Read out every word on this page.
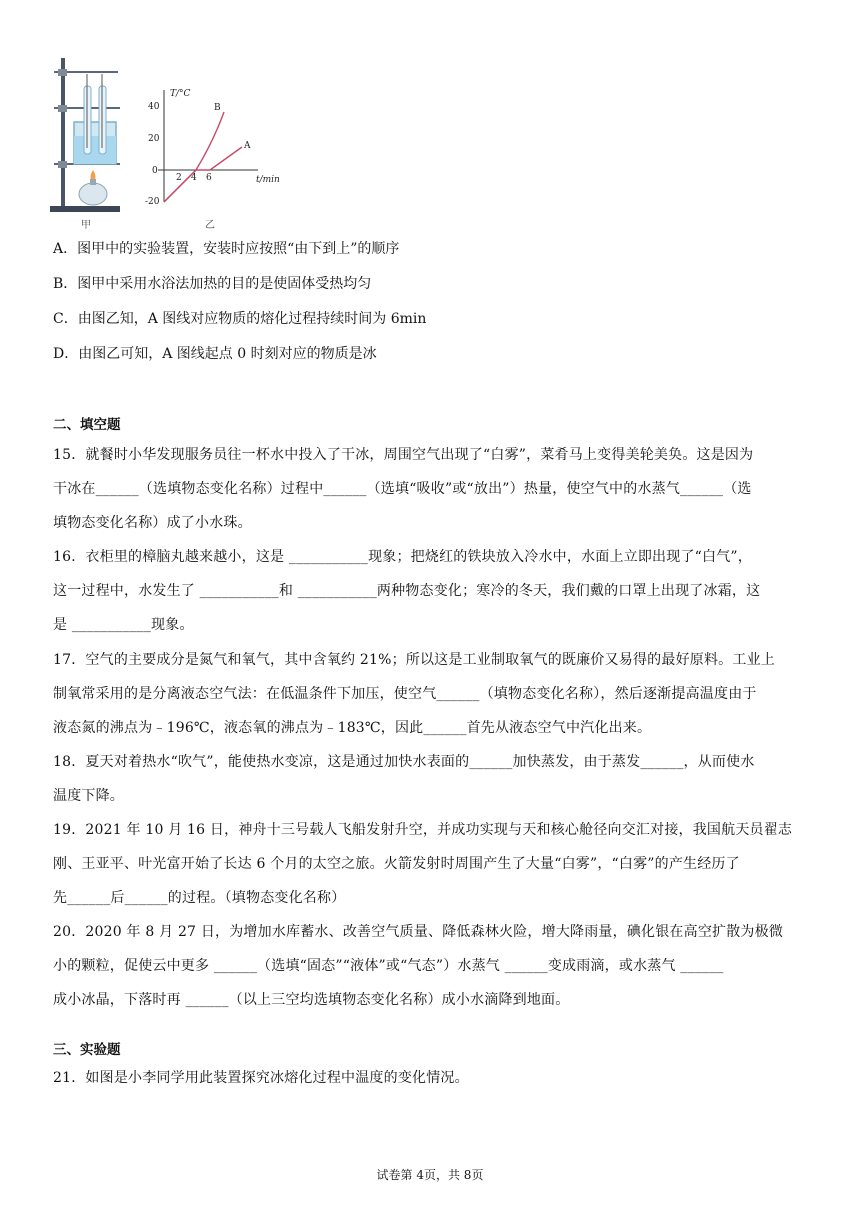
甲
T/°C
t/min
40
20
0
-20
2 4 6
B
A
乙
A．图甲中的实验装置，安装时应按照“由下到上”的顺序
B．图甲中采用水浴法加热的目的是使固体受热均匀
C．由图乙知，A 图线对应物质的熔化过程持续时间为 6min
D．由图乙可知，A 图线起点 0 时刻对应的物质是冰
二、填空题
15．就餐时小华发现服务员往一杯水中投入了干冰，周围空气出现了“白雾”，菜肴马上变得美轮美奂。这是因为
干冰在______（选填物态变化名称）过程中______（选填“吸收”或“放出”）热量，使空气中的水蒸气______（选
填物态变化名称）成了小水珠。
16．衣柜里的樟脑丸越来越小，这是 ___________现象；把烧红的铁块放入冷水中，水面上立即出现了“白气”，
这一过程中，水发生了 ___________和 ___________两种物态变化；寒冷的冬天，我们戴的口罩上出现了冰霜，这
是 ___________现象。
17．空气的主要成分是氮气和氧气，其中含氧约 21%；所以这是工业制取氧气的既廉价又易得的最好原料。工业上
制氧常采用的是分离液态空气法：在低温条件下加压，使空气______（填物态变化名称），然后逐渐提高温度由于
液态氮的沸点为﹣196℃，液态氧的沸点为﹣183℃，因此______首先从液态空气中汽化出来。
18．夏天对着热水“吹气”，能使热水变凉，这是通过加快水表面的______加快蒸发，由于蒸发______，从而使水
温度下降。
19．2021 年 10 月 16 日，神舟十三号载人飞船发射升空，并成功实现与天和核心舱径向交汇对接，我国航天员翟志
刚、王亚平、叶光富开始了长达 6 个月的太空之旅。火箭发射时周围产生了大量“白雾”，“白雾”的产生经历了
先______后______的过程。（填物态变化名称）
20．2020 年 8 月 27 日，为增加水库蓄水、改善空气质量、降低森林火险，增大降雨量，碘化银在高空扩散为极微
小的颗粒，促使云中更多 ______（选填“固态”“液体”或“气态”）水蒸气 ______变成雨滴，或水蒸气 ______
成小冰晶，下落时再 ______（以上三空均选填物态变化名称）成小水滴降到地面。
三、实验题
21．如图是小李同学用此装置探究冰熔化过程中温度的变化情况。
试卷第 4页，共 8页
